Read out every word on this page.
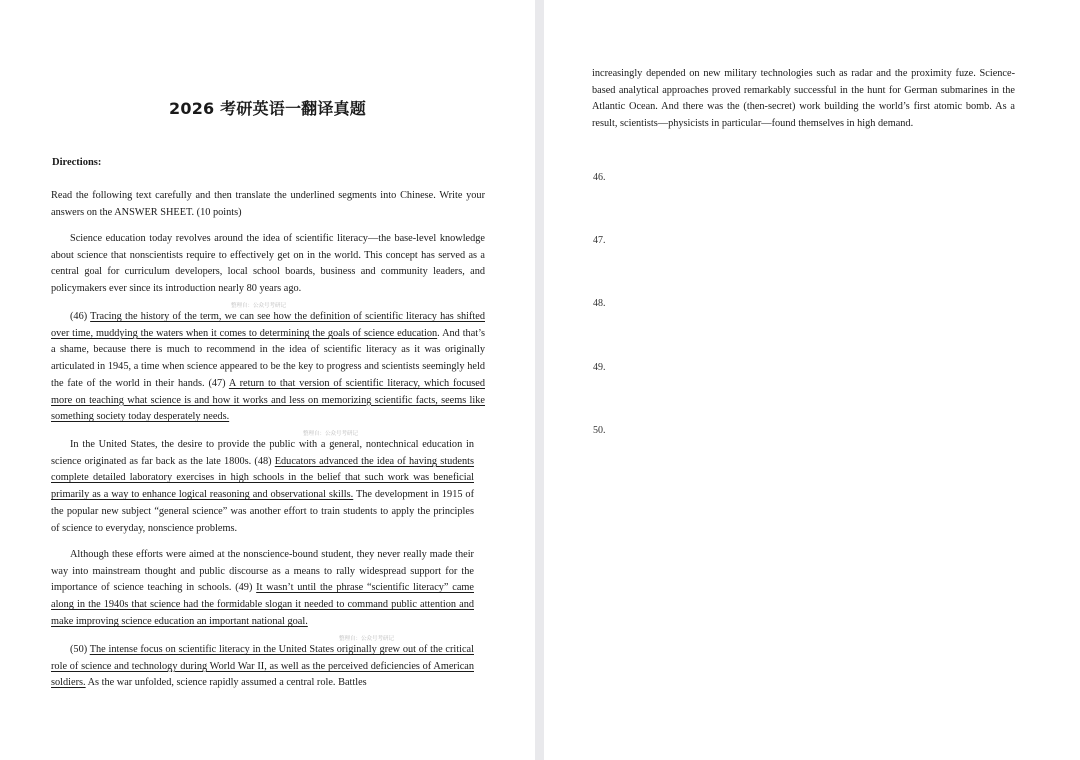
2026 考研英语一翻译真题
Directions:

Read the following text carefully and then translate the underlined segments into Chinese. Write your answers on the ANSWER SHEET. (10 points)

Science education today revolves around the idea of scientific literacy—the base-level knowledge about science that nonscientists require to effectively get on in the world. This concept has served as a central goal for curriculum developers, local school boards, business and community leaders, and policymakers ever since its introduction nearly 80 years ago.

整理自：公众号考研记

(46) Tracing the history of the term, we can see how the definition of scientific literacy has shifted over time, muddying the waters when it comes to determining the goals of science education. And that’s a shame, because there is much to recommend in the idea of scientific literacy as it was originally articulated in 1945, a time when science appeared to be the key to progress and scientists seemingly held the fate of the world in their hands. (47) A return to that version of scientific literacy, which focused more on teaching what science is and how it works and less on memorizing scientific facts, seems like something society today desperately needs.

整理自：公众号考研记

In the United States, the desire to provide the public with a general, nontechnical education in science originated as far back as the late 1800s. (48) Educators advanced the idea of having students complete detailed laboratory exercises in high schools in the belief that such work was beneficial primarily as a way to enhance logical reasoning and observational skills. The development in 1915 of the popular new subject “general science” was another effort to train students to apply the principles of science to everyday, nonscience problems.

Although these efforts were aimed at the nonscience-bound student, they never really made their way into mainstream thought and public discourse as a means to rally widespread support for the importance of science teaching in schools. (49) It wasn’t until the phrase “scientific literacy” came along in the 1940s that science had the formidable slogan it needed to command public attention and make improving science education an important national goal.

整理自：公众号考研记

(50) The intense focus on scientific literacy in the United States originally grew out of the critical role of science and technology during World War II, as well as the perceived deficiencies of American soldiers. As the war unfolded, science rapidly assumed a central role. Battles

increasingly depended on new military technologies such as radar and the proximity fuze. Science-based analytical approaches proved remarkably successful in the hunt for German submarines in the Atlantic Ocean. And there was the (then-secret) work building the world’s first atomic bomb. As a result, scientists—physicists in particular—found themselves in high demand.

46.
47.
48.
49.
50.
